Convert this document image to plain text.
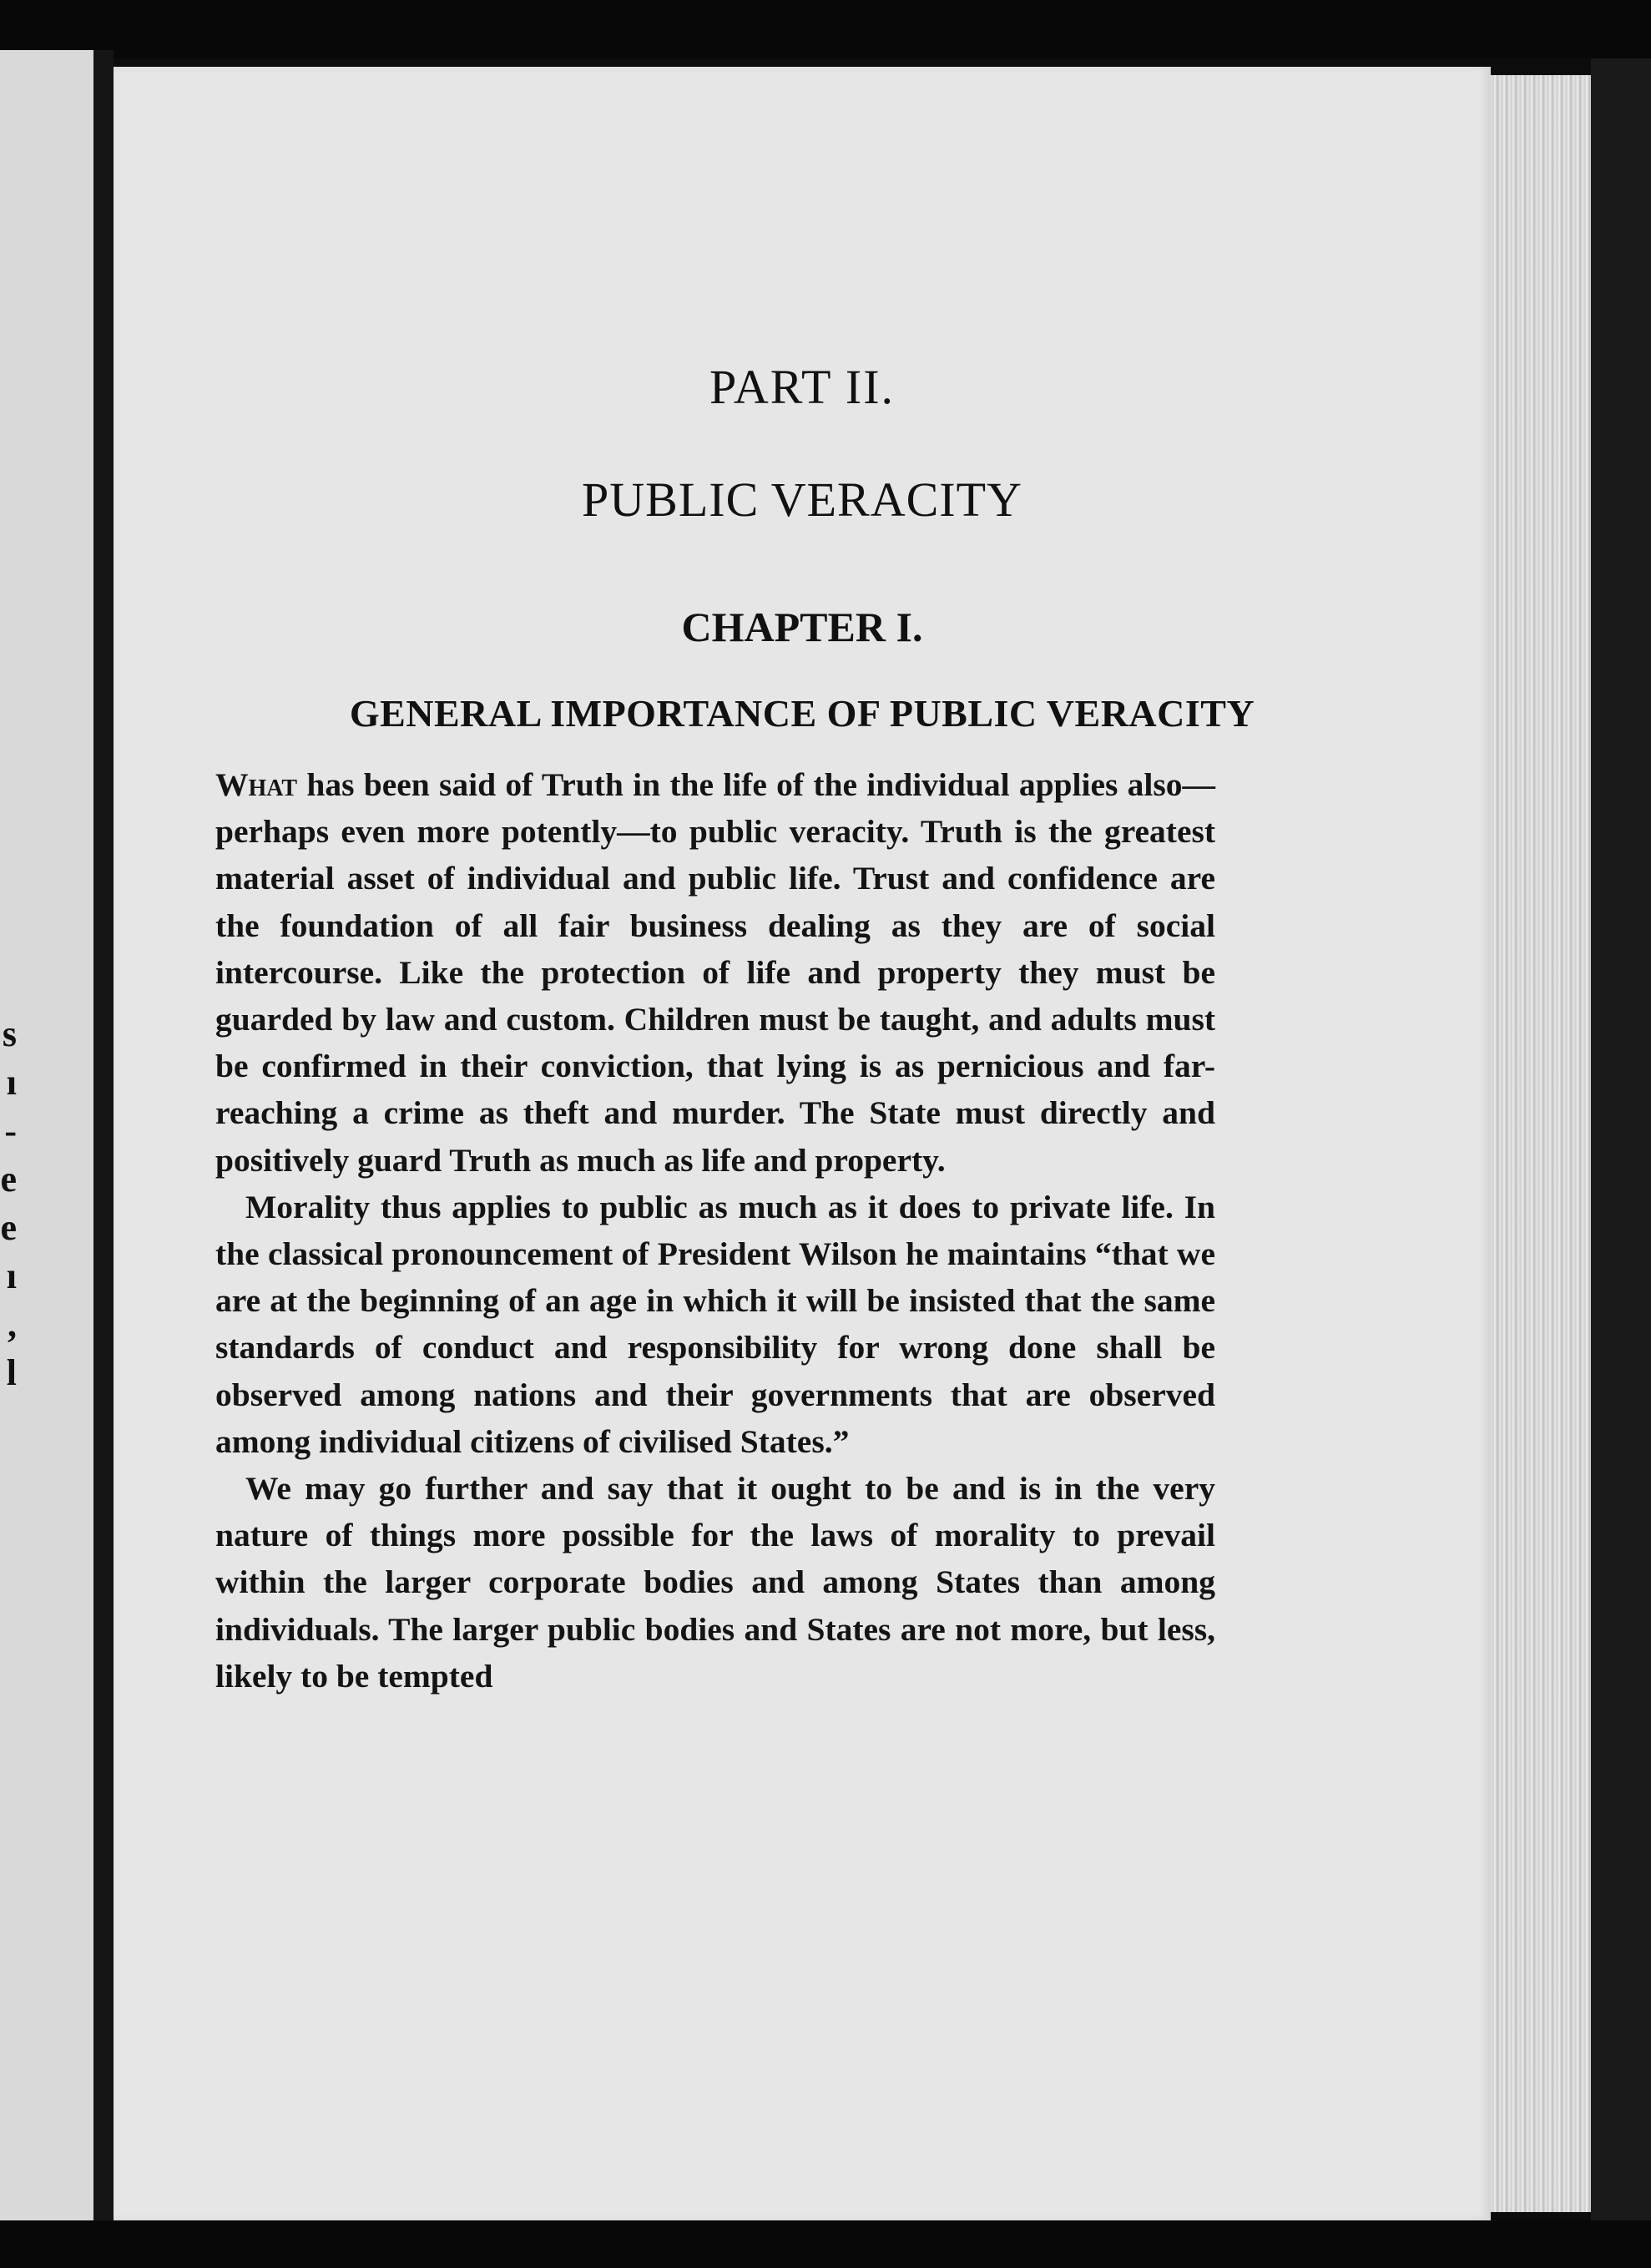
s
ı
-
e
e
ı
,
l
PART II.
PUBLIC VERACITY
CHAPTER I.
GENERAL IMPORTANCE OF PUBLIC VERACITY

What has been said of Truth in the life of the individual applies also—perhaps even more potently—to public veracity. Truth is the greatest material asset of individual and public life. Trust and confidence are the foundation of all fair business dealing as they are of social intercourse. Like the protection of life and property they must be guarded by law and custom. Children must be taught, and adults must be confirmed in their conviction, that lying is as pernicious and far-reaching a crime as theft and murder. The State must directly and positively guard Truth as much as life and property.

Morality thus applies to public as much as it does to private life. In the classical pronouncement of President Wilson he maintains “that we are at the beginning of an age in which it will be insisted that the same standards of conduct and responsibility for wrong done shall be observed among nations and their governments that are observed among individual citizens of civilised States.”

We may go further and say that it ought to be and is in the very nature of things more possible for the laws of morality to prevail within the larger corporate bodies and among States than among individuals. The larger public bodies and States are not more, but less, likely to be tempted
